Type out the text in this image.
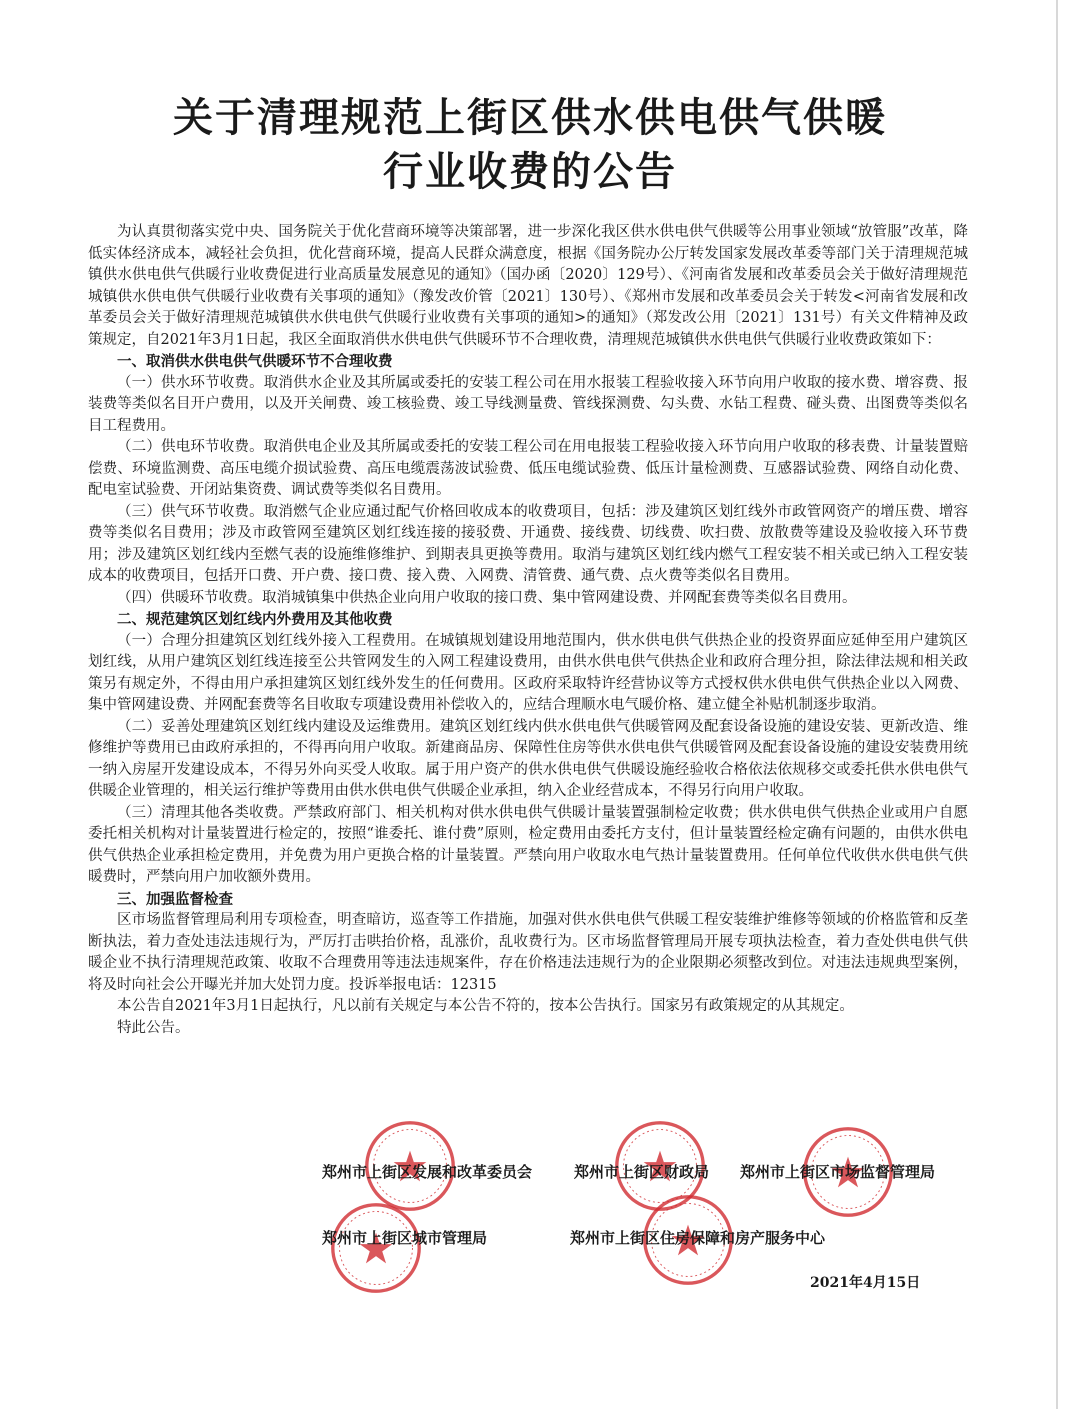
关于清理规范上街区供水供电供气供暖
行业收费的公告

为认真贯彻落实党中央、国务院关于优化营商环境等决策部署，进一步深化我区供水供电供气供暖等公用事业领域“放管服”改革，降低实体经济成本，减轻社会负担，优化营商环境，提高人民群众满意度，根据《国务院办公厅转发国家发展改革委等部门关于清理规范城镇供水供电供气供暖行业收费促进行业高质量发展意见的通知》（国办函〔2020〕129号）、《河南省发展和改革委员会关于做好清理规范城镇供水供电供气供暖行业收费有关事项的通知》（豫发改价管〔2021〕130号）、《郑州市发展和改革委员会关于转发<河南省发展和改革委员会关于做好清理规范城镇供水供电供气供暖行业收费有关事项的通知>的通知》（郑发改公用〔2021〕131号）有关文件精神及政策规定，自2021年3月1日起，我区全面取消供水供电供气供暖环节不合理收费，清理规范城镇供水供电供气供暖行业收费政策如下：

一、取消供水供电供气供暖环节不合理收费

（一）供水环节收费。取消供水企业及其所属或委托的安装工程公司在用水报装工程验收接入环节向用户收取的接水费、增容费、报装费等类似名目开户费用，以及开关闸费、竣工核验费、竣工导线测量费、管线探测费、勾头费、水钻工程费、碰头费、出图费等类似名目工程费用。

（二）供电环节收费。取消供电企业及其所属或委托的安装工程公司在用电报装工程验收接入环节向用户收取的移表费、计量装置赔偿费、环境监测费、高压电缆介损试验费、高压电缆震荡波试验费、低压电缆试验费、低压计量检测费、互感器试验费、网络自动化费、配电室试验费、开闭站集资费、调试费等类似名目费用。

（三）供气环节收费。取消燃气企业应通过配气价格回收成本的收费项目，包括：涉及建筑区划红线外市政管网资产的增压费、增容费等类似名目费用；涉及市政管网至建筑区划红线连接的接驳费、开通费、接线费、切线费、吹扫费、放散费等建设及验收接入环节费用；涉及建筑区划红线内至燃气表的设施维修维护、到期表具更换等费用。取消与建筑区划红线内燃气工程安装不相关或已纳入工程安装成本的收费项目，包括开口费、开户费、接口费、接入费、入网费、清管费、通气费、点火费等类似名目费用。

（四）供暖环节收费。取消城镇集中供热企业向用户收取的接口费、集中管网建设费、并网配套费等类似名目费用。

二、规范建筑区划红线内外费用及其他收费

（一）合理分担建筑区划红线外接入工程费用。在城镇规划建设用地范围内，供水供电供气供热企业的投资界面应延伸至用户建筑区划红线，从用户建筑区划红线连接至公共管网发生的入网工程建设费用，由供水供电供气供热企业和政府合理分担，除法律法规和相关政策另有规定外，不得由用户承担建筑区划红线外发生的任何费用。区政府采取特许经营协议等方式授权供水供电供气供热企业以入网费、集中管网建设费、并网配套费等名目收取专项建设费用补偿收入的，应结合理顺水电气暖价格、建立健全补贴机制逐步取消。

（二）妥善处理建筑区划红线内建设及运维费用。建筑区划红线内供水供电供气供暖管网及配套设备设施的建设安装、更新改造、维修维护等费用已由政府承担的，不得再向用户收取。新建商品房、保障性住房等供水供电供气供暖管网及配套设备设施的建设安装费用统一纳入房屋开发建设成本，不得另外向买受人收取。属于用户资产的供水供电供气供暖设施经验收合格依法依规移交或委托供水供电供气供暖企业管理的，相关运行维护等费用由供水供电供气供暖企业承担，纳入企业经营成本，不得另行向用户收取。

（三）清理其他各类收费。严禁政府部门、相关机构对供水供电供气供暖计量装置强制检定收费；供水供电供气供热企业或用户自愿委托相关机构对计量装置进行检定的，按照“谁委托、谁付费”原则，检定费用由委托方支付，但计量装置经检定确有问题的，由供水供电供气供热企业承担检定费用，并免费为用户更换合格的计量装置。严禁向用户收取水电气热计量装置费用。任何单位代收供水供电供气供暖费时，严禁向用户加收额外费用。

三、加强监督检查

区市场监督管理局利用专项检查，明查暗访，巡查等工作措施，加强对供水供电供气供暖工程安装维护维修等领域的价格监管和反垄断执法，着力查处违法违规行为，严厉打击哄抬价格，乱涨价，乱收费行为。区市场监督管理局开展专项执法检查，着力查处供电供气供暖企业不执行清理规范政策、收取不合理费用等违法违规案件，存在价格违法违规行为的企业限期必须整改到位。对违法违规典型案例，将及时向社会公开曝光并加大处罚力度。投诉举报电话：12315

本公告自2021年3月1日起执行，凡以前有关规定与本公告不符的，按本公告执行。国家另有政策规定的从其规定。

特此公告。

郑州市上街区发展和改革委员会	郑州市上街区财政局 郑州市上街区市场监督管理局
郑州市上街区城市管理局	郑州市上街区住房保障和房产服务中心
2021年4月15日
